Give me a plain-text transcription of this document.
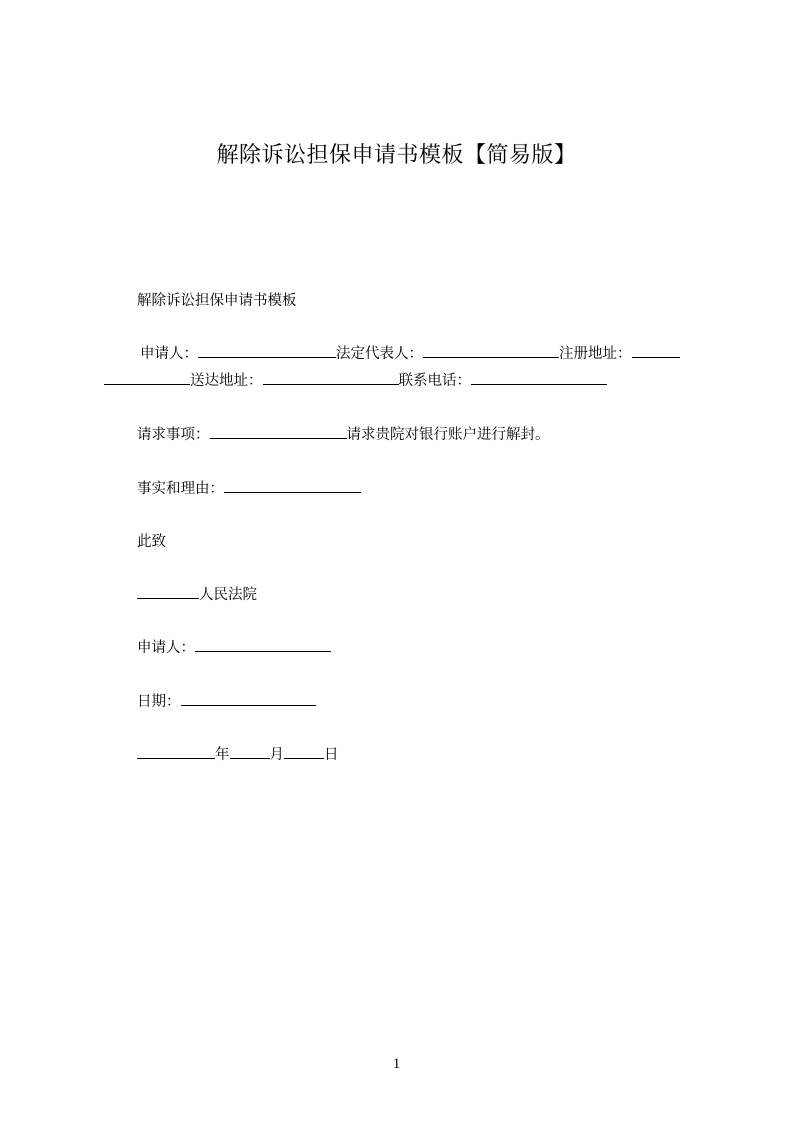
解除诉讼担保申请书模板【简易版】
解除诉讼担保申请书模板
申请人：	法定代表人：	注册地址：
送达地址：	联系电话：
请求事项：	请求贵院对银行账户进行解封。
事实和理由：
此致
人民法院
申请人：
日期：
年	月	日
1
